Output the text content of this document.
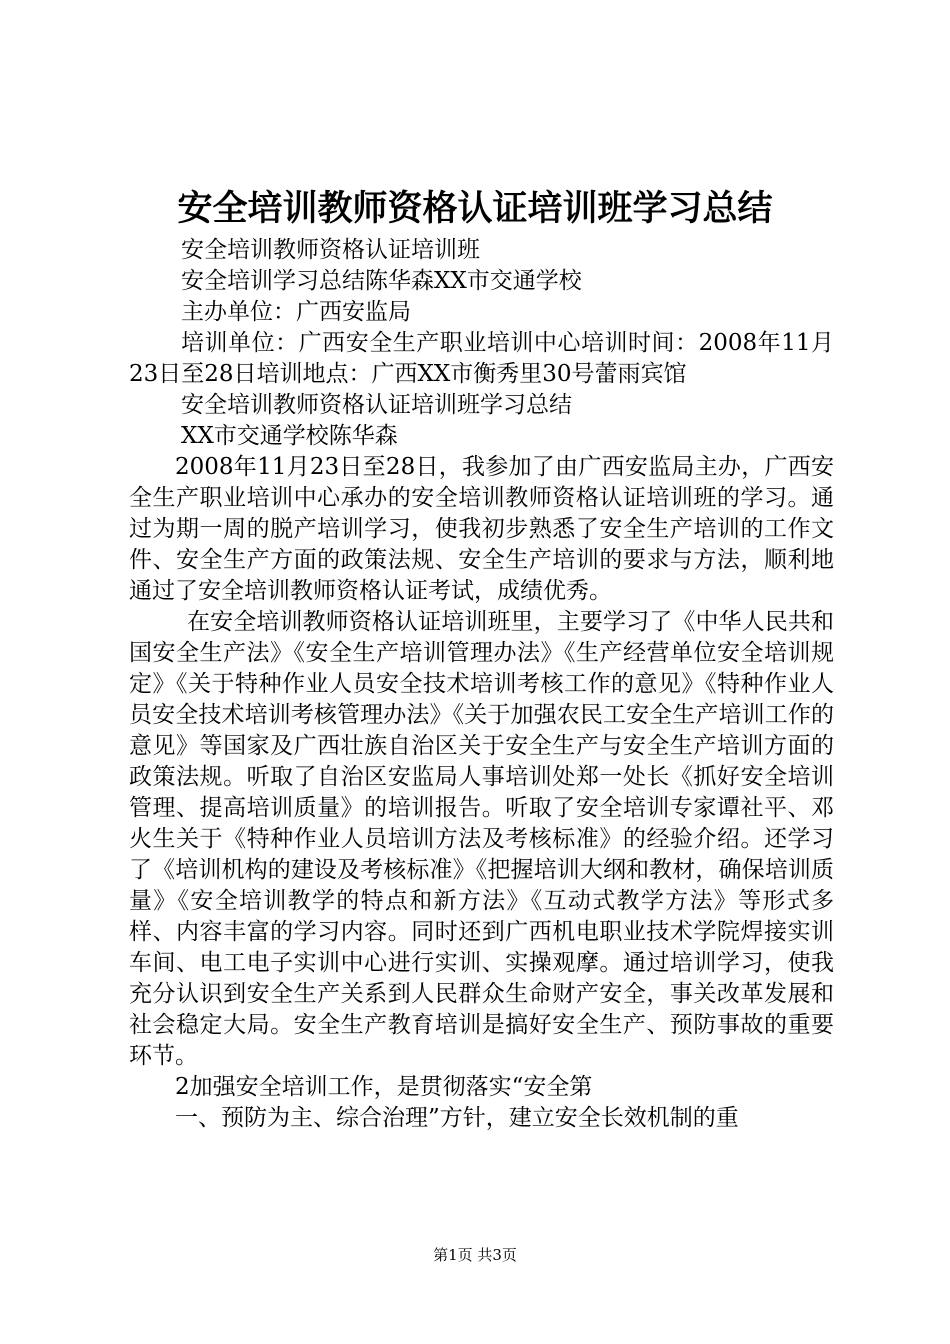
安全培训教师资格认证培训班学习总结

安全培训教师资格认证培训班

安全培训学习总结陈华森XX市交通学校

主办单位：广西安监局

培训单位：广西安全生产职业培训中心培训时间：2008年11月23日至28日培训地点：广西XX市衡秀里30号蕾雨宾馆

安全培训教师资格认证培训班学习总结

XX市交通学校陈华森

2008年11月23日至28日，我参加了由广西安监局主办，广西安全生产职业培训中心承办的安全培训教师资格认证培训班的学习。通过为期一周的脱产培训学习，使我初步熟悉了安全生产培训的工作文件、安全生产方面的政策法规、安全生产培训的要求与方法，顺利地通过了安全培训教师资格认证考试，成绩优秀。

在安全培训教师资格认证培训班里，主要学习了《中华人民共和国安全生产法》《安全生产培训管理办法》《生产经营单位安全培训规定》《关于特种作业人员安全技术培训考核工作的意见》《特种作业人员安全技术培训考核管理办法》《关于加强农民工安全生产培训工作的意见》等国家及广西壮族自治区关于安全生产与安全生产培训方面的政策法规。听取了自治区安监局人事培训处郑一处长《抓好安全培训管理、提高培训质量》的培训报告。听取了安全培训专家谭社平、邓火生关于《特种作业人员培训方法及考核标准》的经验介绍。还学习了《培训机构的建设及考核标准》《把握培训大纲和教材，确保培训质量》《安全培训教学的特点和新方法》《互动式教学方法》等形式多样、内容丰富的学习内容。同时还到广西机电职业技术学院焊接实训车间、电工电子实训中心进行实训、实操观摩。通过培训学习，使我充分认识到安全生产关系到人民群众生命财产安全，事关改革发展和社会稳定大局。安全生产教育培训是搞好安全生产、预防事故的重要环节。

2加强安全培训工作，是贯彻落实“安全第

一、预防为主、综合治理”方针，建立安全长效机制的重

第1页 共3页
